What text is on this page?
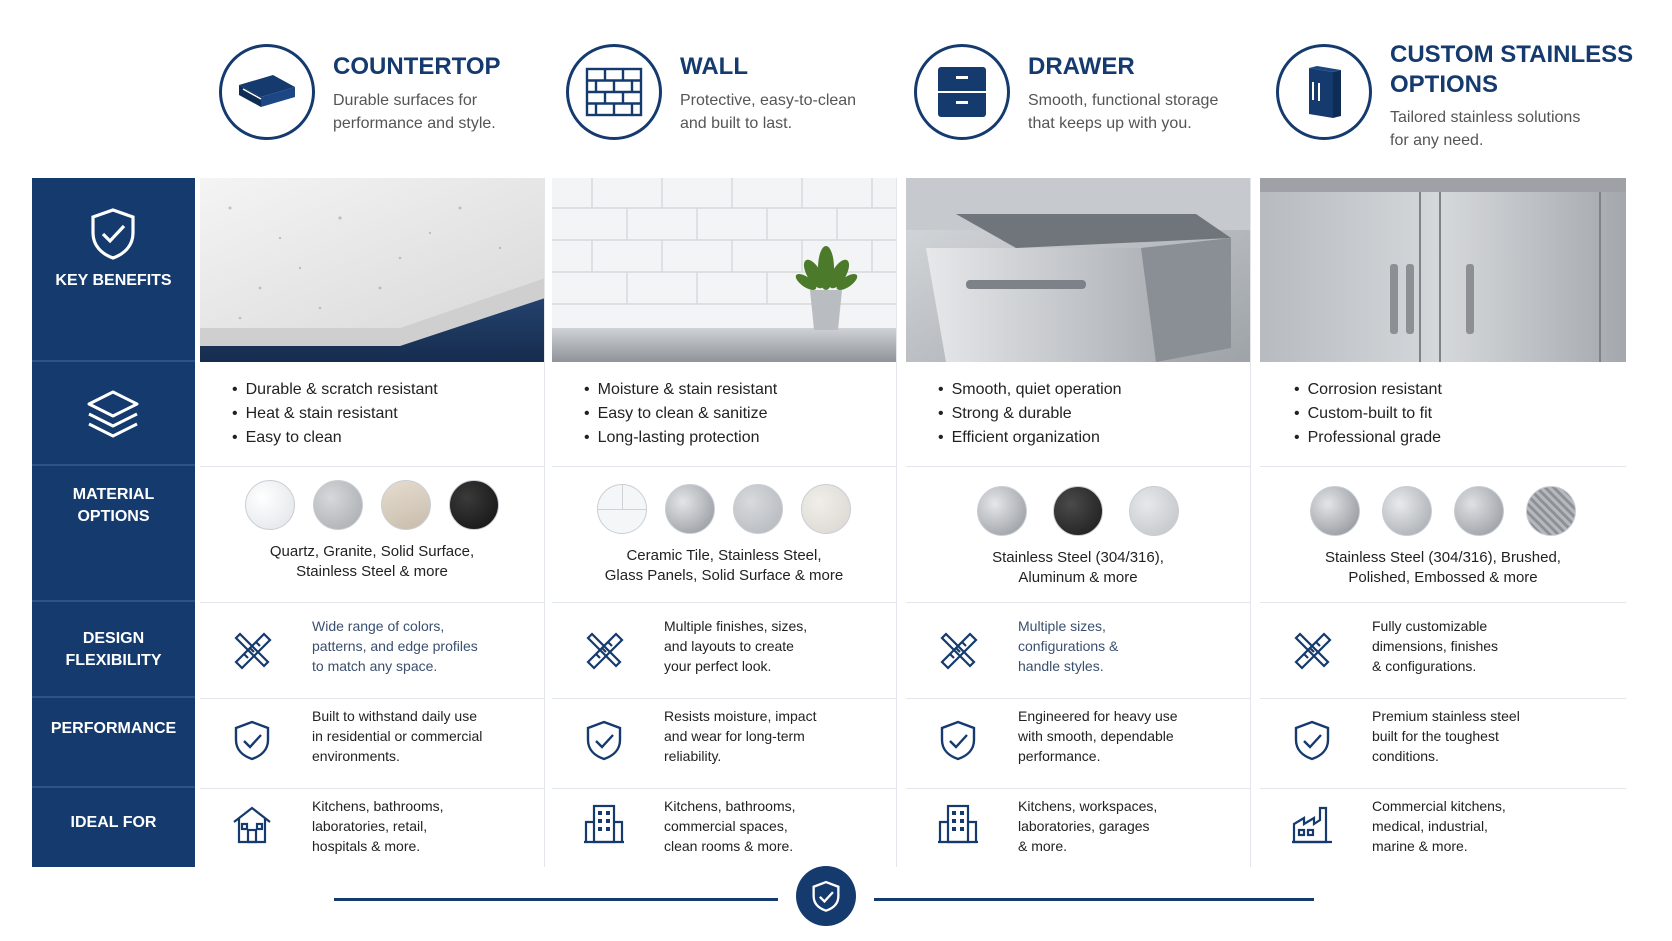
COUNTERTOP
Durable surfaces for
performance and style.
WALL
Protective, easy-to-clean
and built to last.
DRAWER
Smooth, functional storage
that keeps up with you.
CUSTOM STAINLESS
OPTIONS
Tailored stainless solutions
for any need.
KEY BENEFITS
MATERIAL
OPTIONS
DESIGN
FLEXIBILITY
PERFORMANCE
IDEAL FOR
• Durable & scratch resistant
• Heat & stain resistant
• Easy to clean
Quartz, Granite, Solid Surface,
Stainless Steel & more
Wide range of colors,
patterns, and edge profiles
to match any space.
Built to withstand daily use
in residential or commercial
environments.
Kitchens, bathrooms,
laboratories, retail,
hospitals & more.
• Moisture & stain resistant
• Easy to clean & sanitize
• Long-lasting protection
Ceramic Tile, Stainless Steel,
Glass Panels, Solid Surface & more
Multiple finishes, sizes,
and layouts to create
your perfect look.
Resists moisture, impact
and wear for long-term
reliability.
Kitchens, bathrooms,
commercial spaces,
clean rooms & more.
• Smooth, quiet operation
• Strong & durable
• Efficient organization
Stainless Steel (304/316),
Aluminum & more
Multiple sizes,
configurations &
handle styles.
Engineered for heavy use
with smooth, dependable
performance.
Kitchens, workspaces,
laboratories, garages
& more.
• Corrosion resistant
• Custom-built to fit
• Professional grade
Stainless Steel (304/316), Brushed,
Polished, Embossed & more
Fully customizable
dimensions, finishes
& configurations.
Premium stainless steel
built for the toughest
conditions.
Commercial kitchens,
medical, industrial,
marine & more.
